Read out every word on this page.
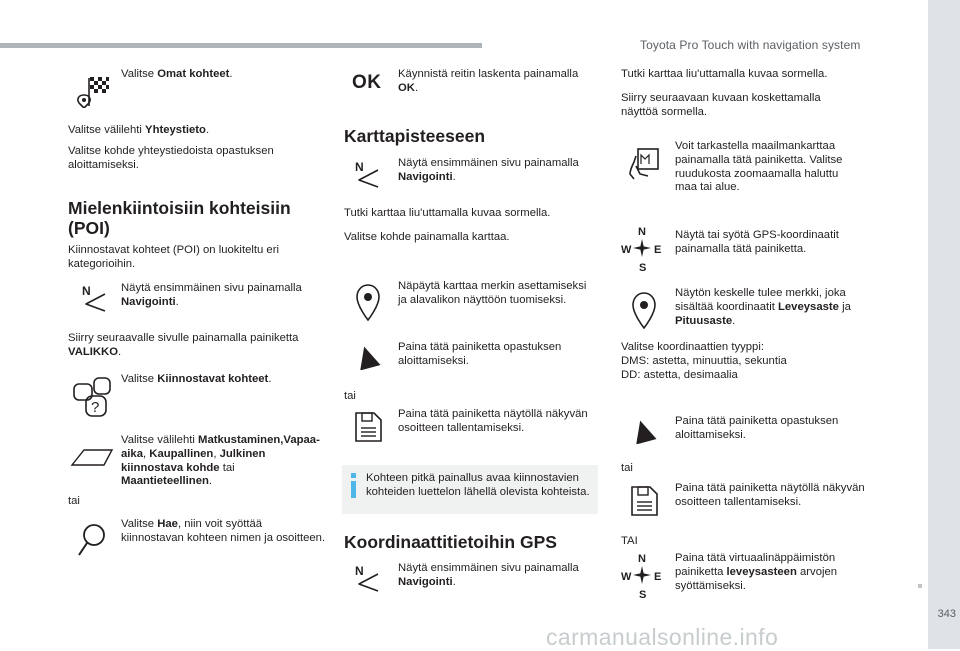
Toyota Pro Touch with navigation system
343
carmanualsonline.info
Valitse Omat kohteet.
Valitse välilehti Yhteystieto.
Valitse kohde yhteystiedoista opastuksen aloittamiseksi.
Mielenkiintoisiin kohteisiin (POI)
Kiinnostavat kohteet (POI) on luokiteltu eri kategorioihin.
N	Näytä ensimmäinen sivu painamalla Navigointi.
Siirry seuraavalle sivulle painamalla painiketta VALIKKO.
?
Valitse Kiinnostavat kohteet.
Valitse välilehti Matkustaminen,Vapaa-aika, Kaupallinen, Julkinen kiinnostava kohde tai Maantieteellinen.
tai
Valitse Hae, niin voit syöttää kiinnostavan kohteen nimen ja osoitteen.
OK Käynnistä reitin laskenta painamalla OK.
Karttapisteeseen
N	Näytä ensimmäinen sivu painamalla Navigointi.
Tutki karttaa liu'uttamalla kuvaa sormella.
Valitse kohde painamalla karttaa.
Näpäytä karttaa merkin asettamiseksi ja alavalikon näyttöön tuomiseksi.
Paina tätä painiketta opastuksen aloittamiseksi.
tai
Paina tätä painiketta näytöllä näkyvän osoitteen tallentamiseksi.
Kohteen pitkä painallus avaa kiinnostavien kohteiden luettelon lähellä olevista kohteista.
Koordinaattitietoihin GPS
N	Näytä ensimmäinen sivu painamalla Navigointi.
Tutki karttaa liu'uttamalla kuvaa sormella.
Siirry seuraavaan kuvaan koskettamalla näyttöä sormella.
Voit tarkastella maailmankarttaa painamalla tätä painiketta. Valitse ruudukosta zoomaamalla haluttu maa tai alue.
N
W E
S
Näytä tai syötä GPS-koordinaatit painamalla tätä painiketta.
Näytön keskelle tulee merkki, joka sisältää koordinaatit Leveysaste ja Pituusaste.
Valitse koordinaattien tyyppi:
DMS: astetta, minuuttia, sekuntia
DD: astetta, desimaalia
Paina tätä painiketta opastuksen aloittamiseksi.
tai
Paina tätä painiketta näytöllä näkyvän osoitteen tallentamiseksi.
TAI
N
W E
S
Paina tätä virtuaalinäppäimistön painiketta leveysasteen arvojen syöttämiseksi.
